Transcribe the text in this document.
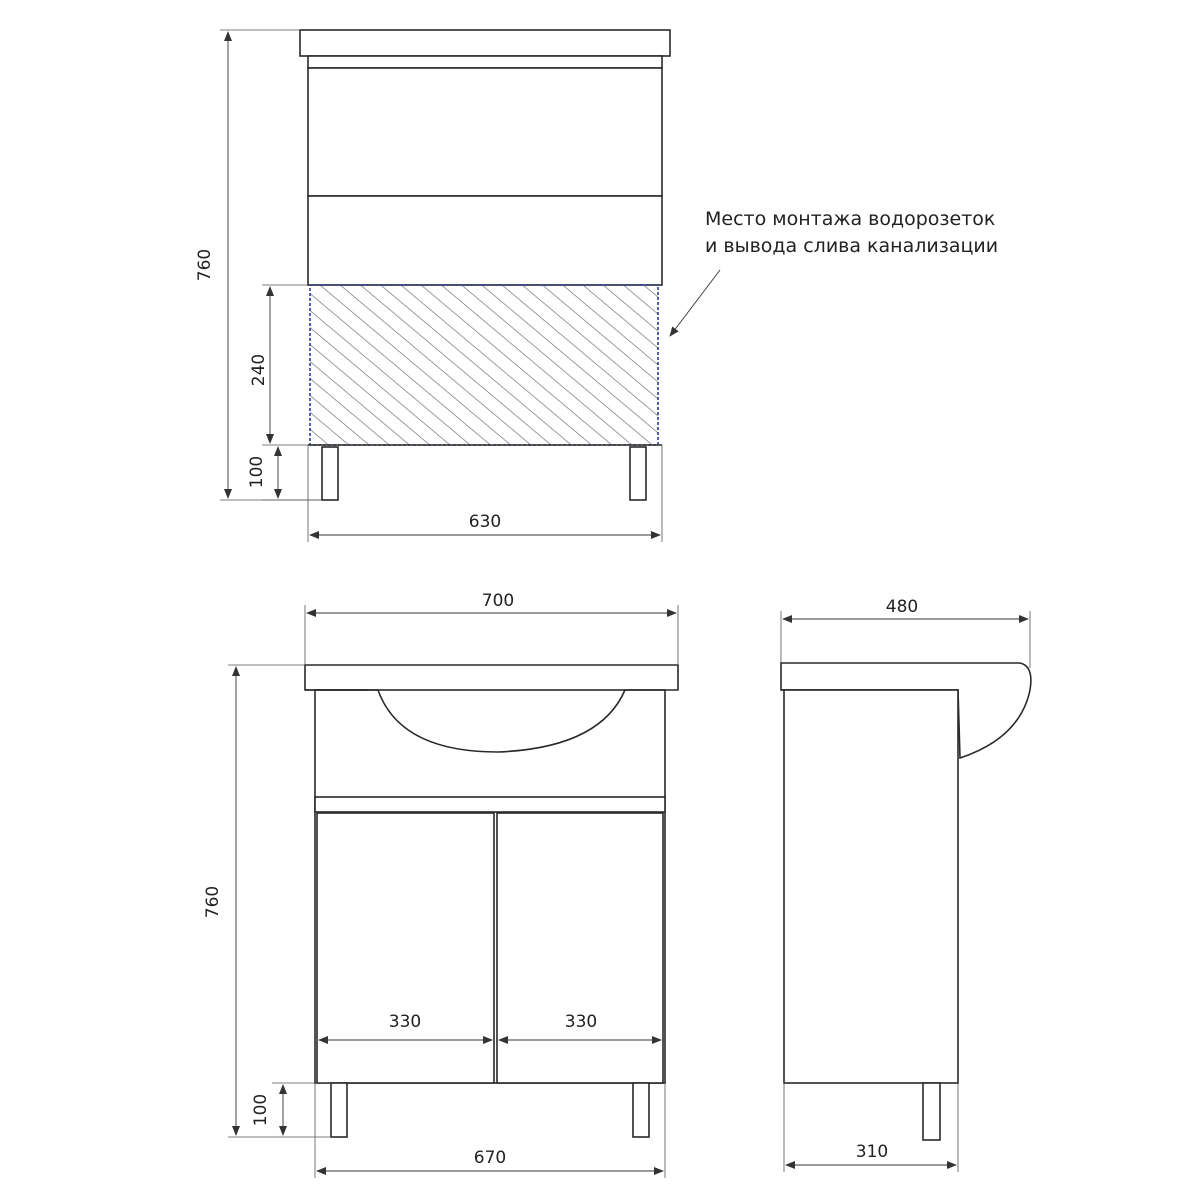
760
240
100
630
Место монтажа водорозеток
и вывода слива канализации
700
760
100
330	330
670
480
310
